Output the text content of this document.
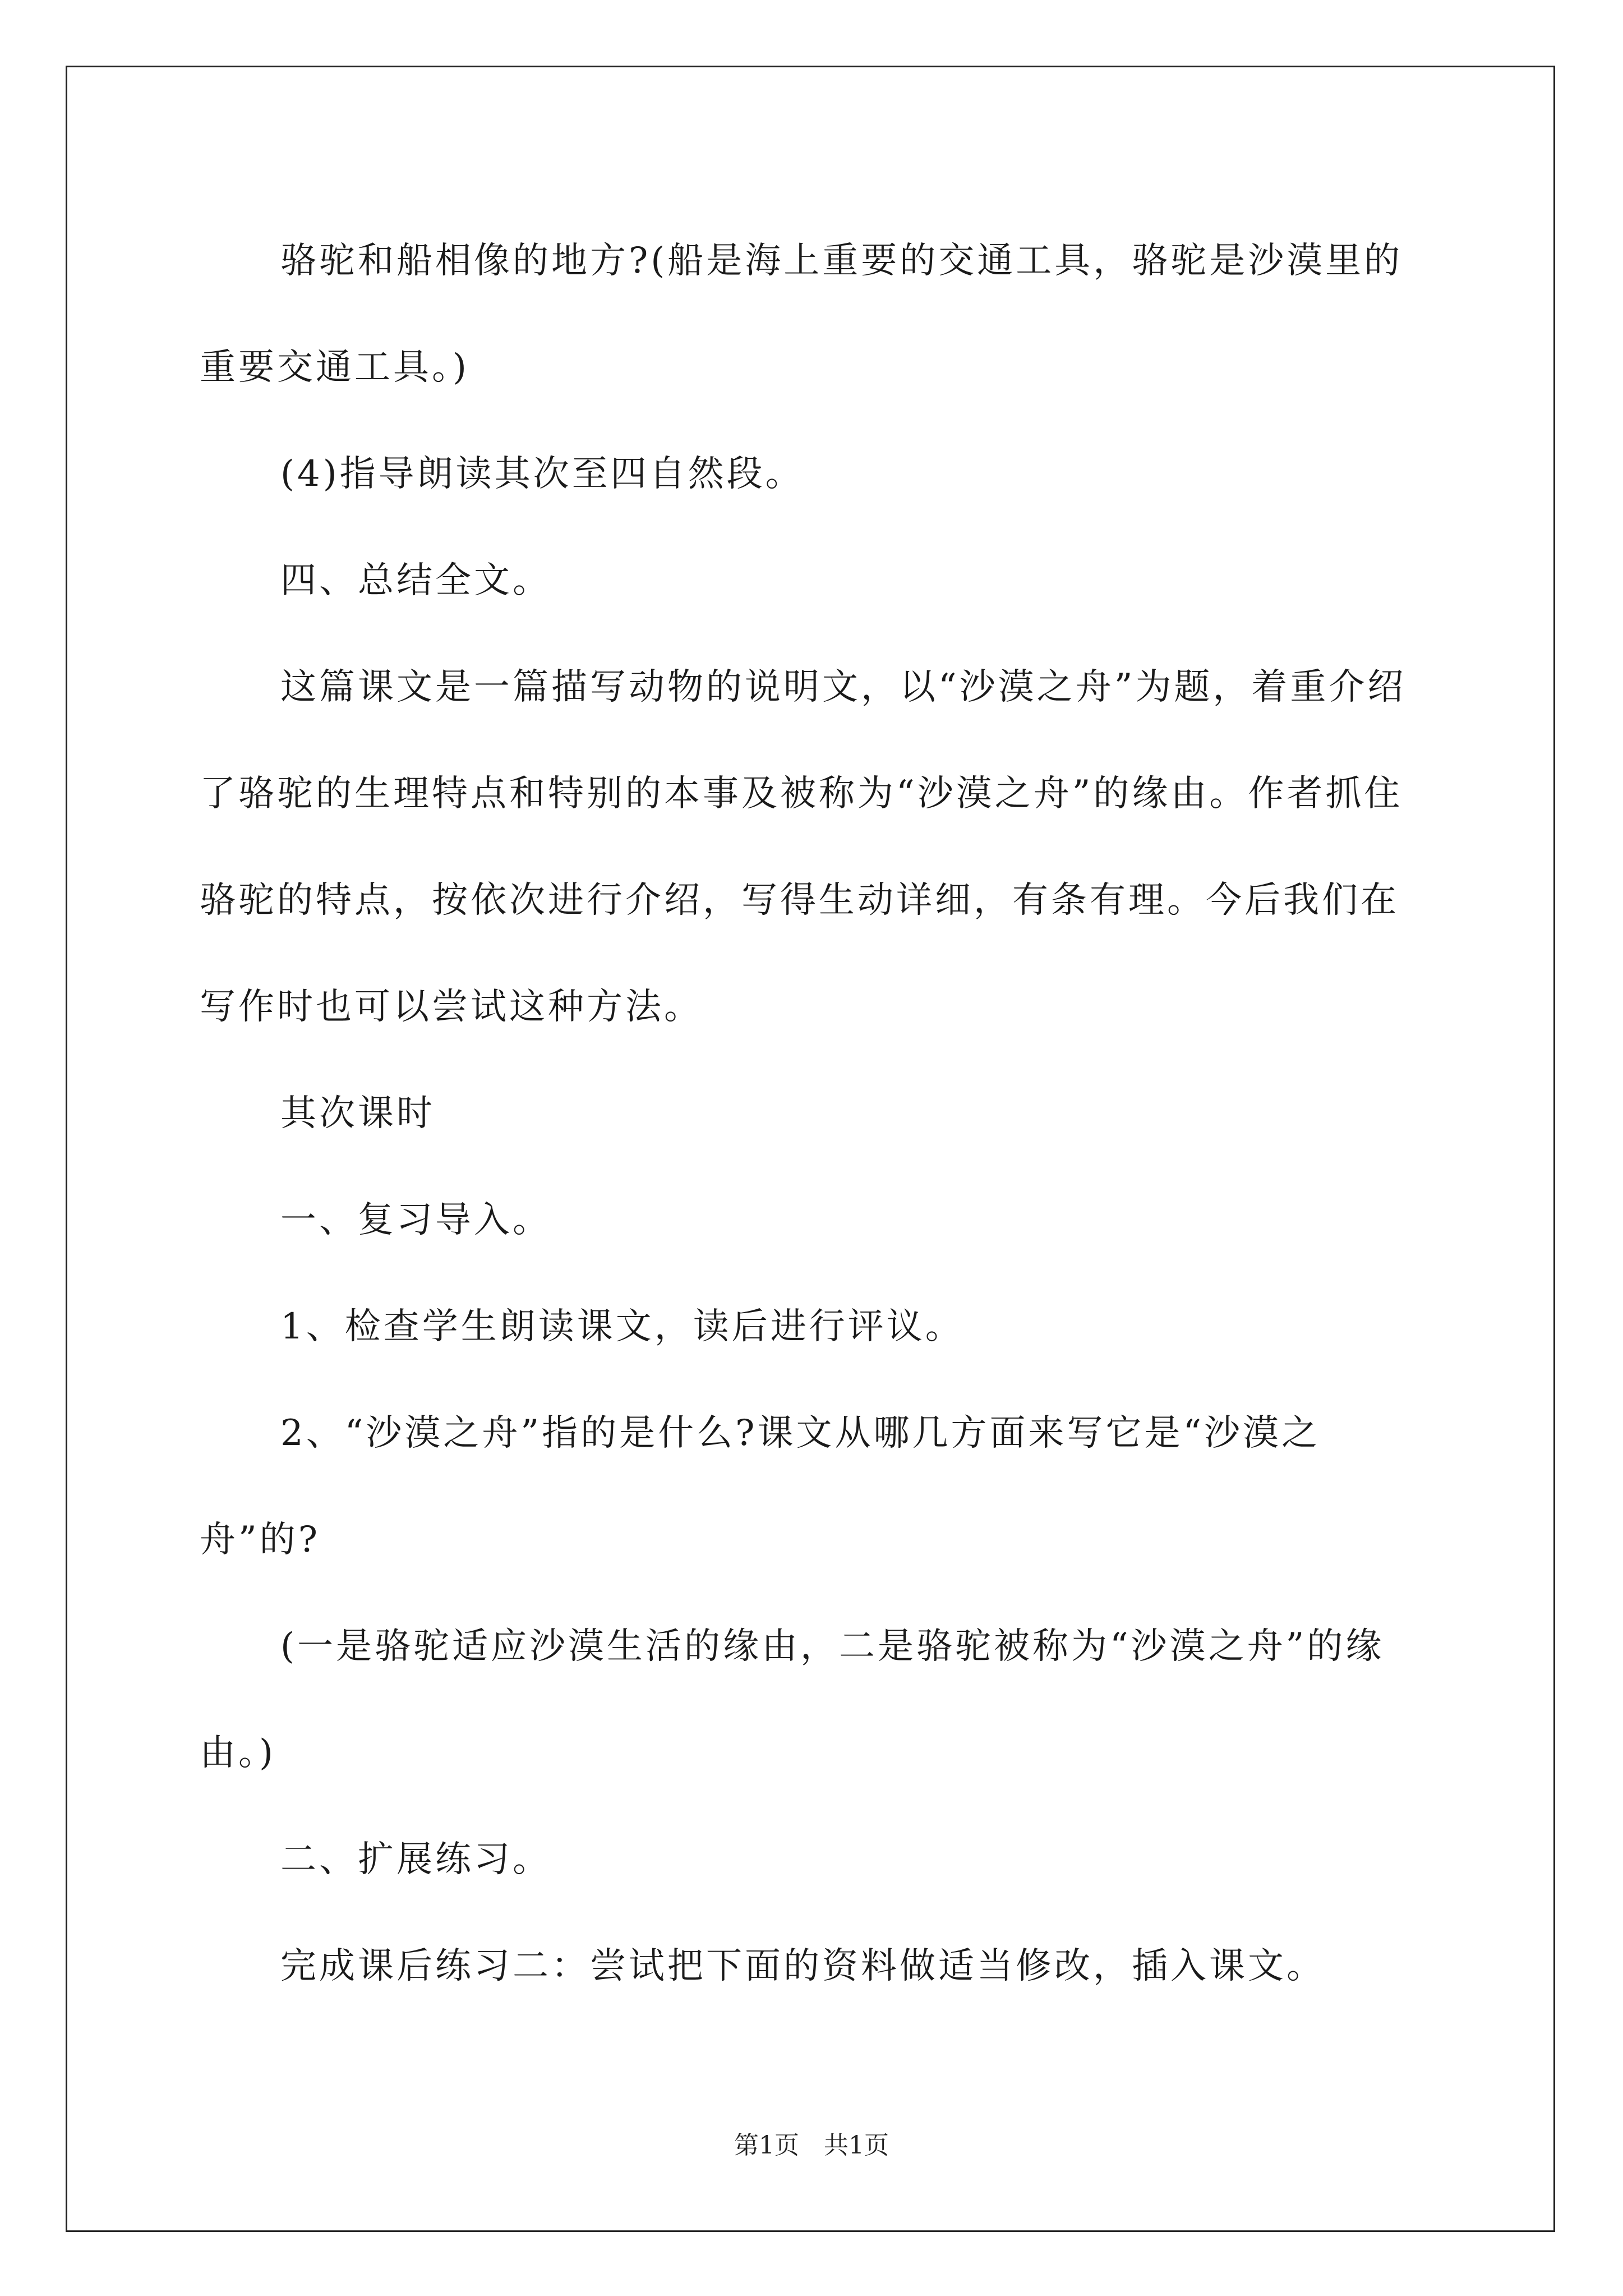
骆驼和船相像的地方?(船是海上重要的交通工具，骆驼是沙漠里的重要交通工具。)

(4)指导朗读其次至四自然段。

四、总结全文。

这篇课文是一篇描写动物的说明文，以“沙漠之舟”为题，着重介绍了骆驼的生理特点和特别的本事及被称为“沙漠之舟”的缘由。作者抓住骆驼的特点，按依次进行介绍，写得生动详细，有条有理。今后我们在写作时也可以尝试这种方法。

其次课时

一、复习导入。

1、检查学生朗读课文，读后进行评议。

2、“沙漠之舟”指的是什么?课文从哪几方面来写它是“沙漠之舟”的?

(一是骆驼适应沙漠生活的缘由，二是骆驼被称为“沙漠之舟”的缘由。)

二、扩展练习。

完成课后练习二：尝试把下面的资料做适当修改，插入课文。

第1页 共1页
